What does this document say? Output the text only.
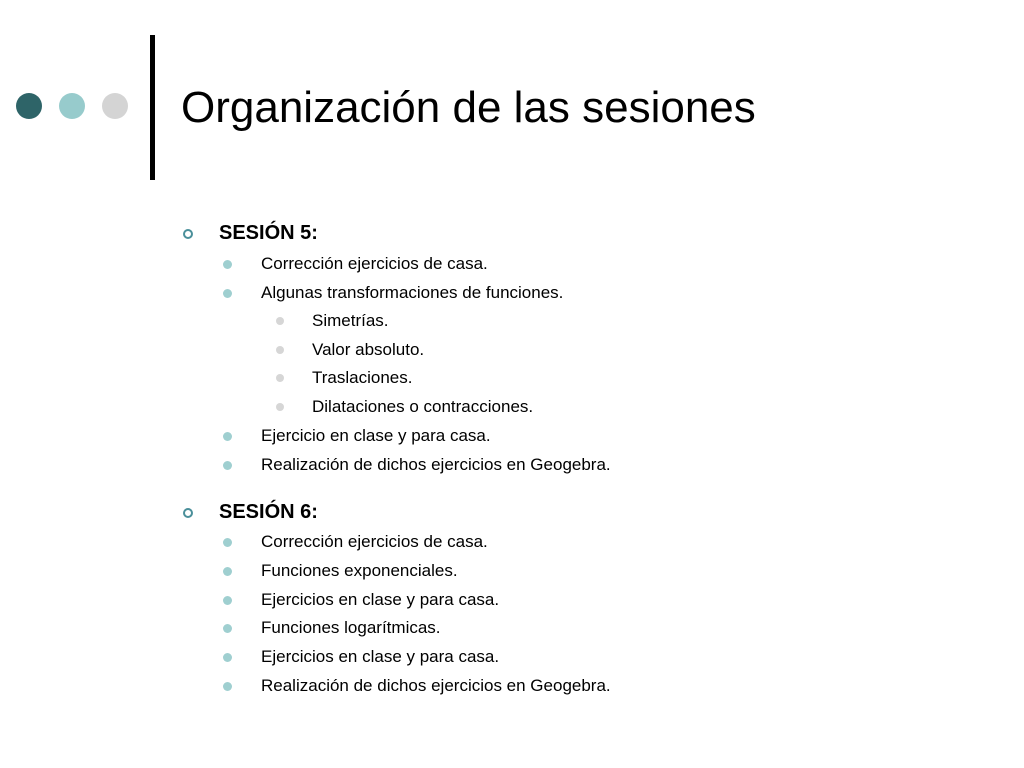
Organización de las sesiones
SESIÓN 5:
Corrección ejercicios de casa.
Algunas transformaciones de funciones.
Simetrías.
Valor absoluto.
Traslaciones.
Dilataciones o contracciones.
Ejercicio en clase y para casa.
Realización de dichos ejercicios en Geogebra.
SESIÓN 6:
Corrección ejercicios de casa.
Funciones exponenciales.
Ejercicios en clase y para casa.
Funciones logarítmicas.
Ejercicios en clase y para casa.
Realización de dichos ejercicios en Geogebra.
